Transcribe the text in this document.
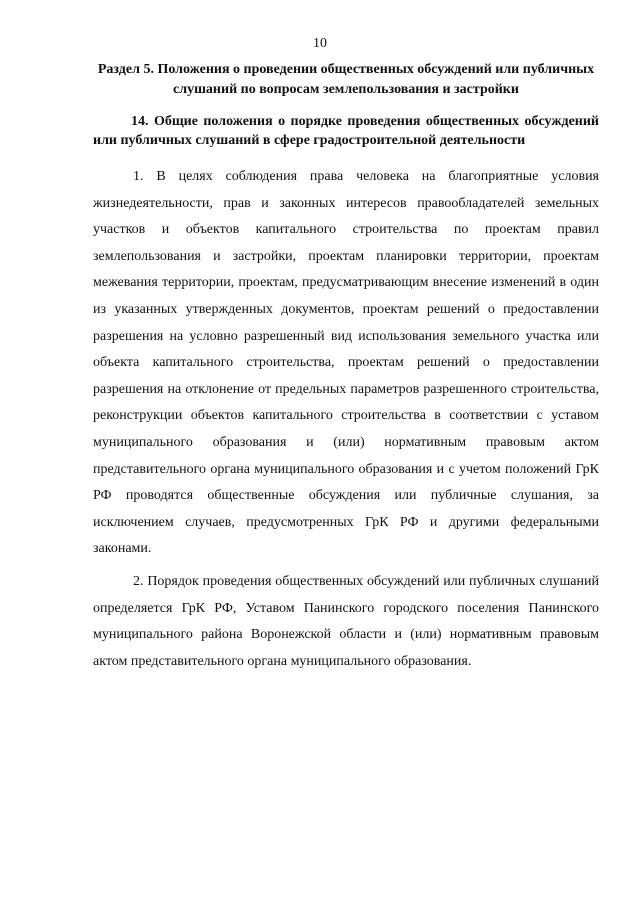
10
Раздел 5. Положения о проведении общественных обсуждений или публичных слушаний по вопросам землепользования и застройки
14. Общие положения о порядке проведения общественных обсуждений или публичных слушаний в сфере градостроительной деятельности

1. В целях соблюдения права человека на благоприятные условия жизнедеятельности, прав и законных интересов правообладателей земельных участков и объектов капитального строительства по проектам правил землепользования и застройки, проектам планировки территории, проектам межевания территории, проектам, предусматривающим внесение изменений в один из указанных утвержденных документов, проектам решений о предоставлении разрешения на условно разрешенный вид использования земельного участка или объекта капитального строительства, проектам решений о предоставлении разрешения на отклонение от предельных параметров разрешенного строительства, реконструкции объектов капитального строительства в соответствии с уставом муниципального образования и (или) нормативным правовым актом представительного органа муниципального образования и с учетом положений ГрК РФ проводятся общественные обсуждения или публичные слушания, за исключением случаев, предусмотренных ГрК РФ и другими федеральными законами.

2. Порядок проведения общественных обсуждений или публичных слушаний определяется ГрК РФ, Уставом Панинского городского поселения Панинского муниципального района Воронежской области и (или) нормативным правовым актом представительного органа муниципального образования.
